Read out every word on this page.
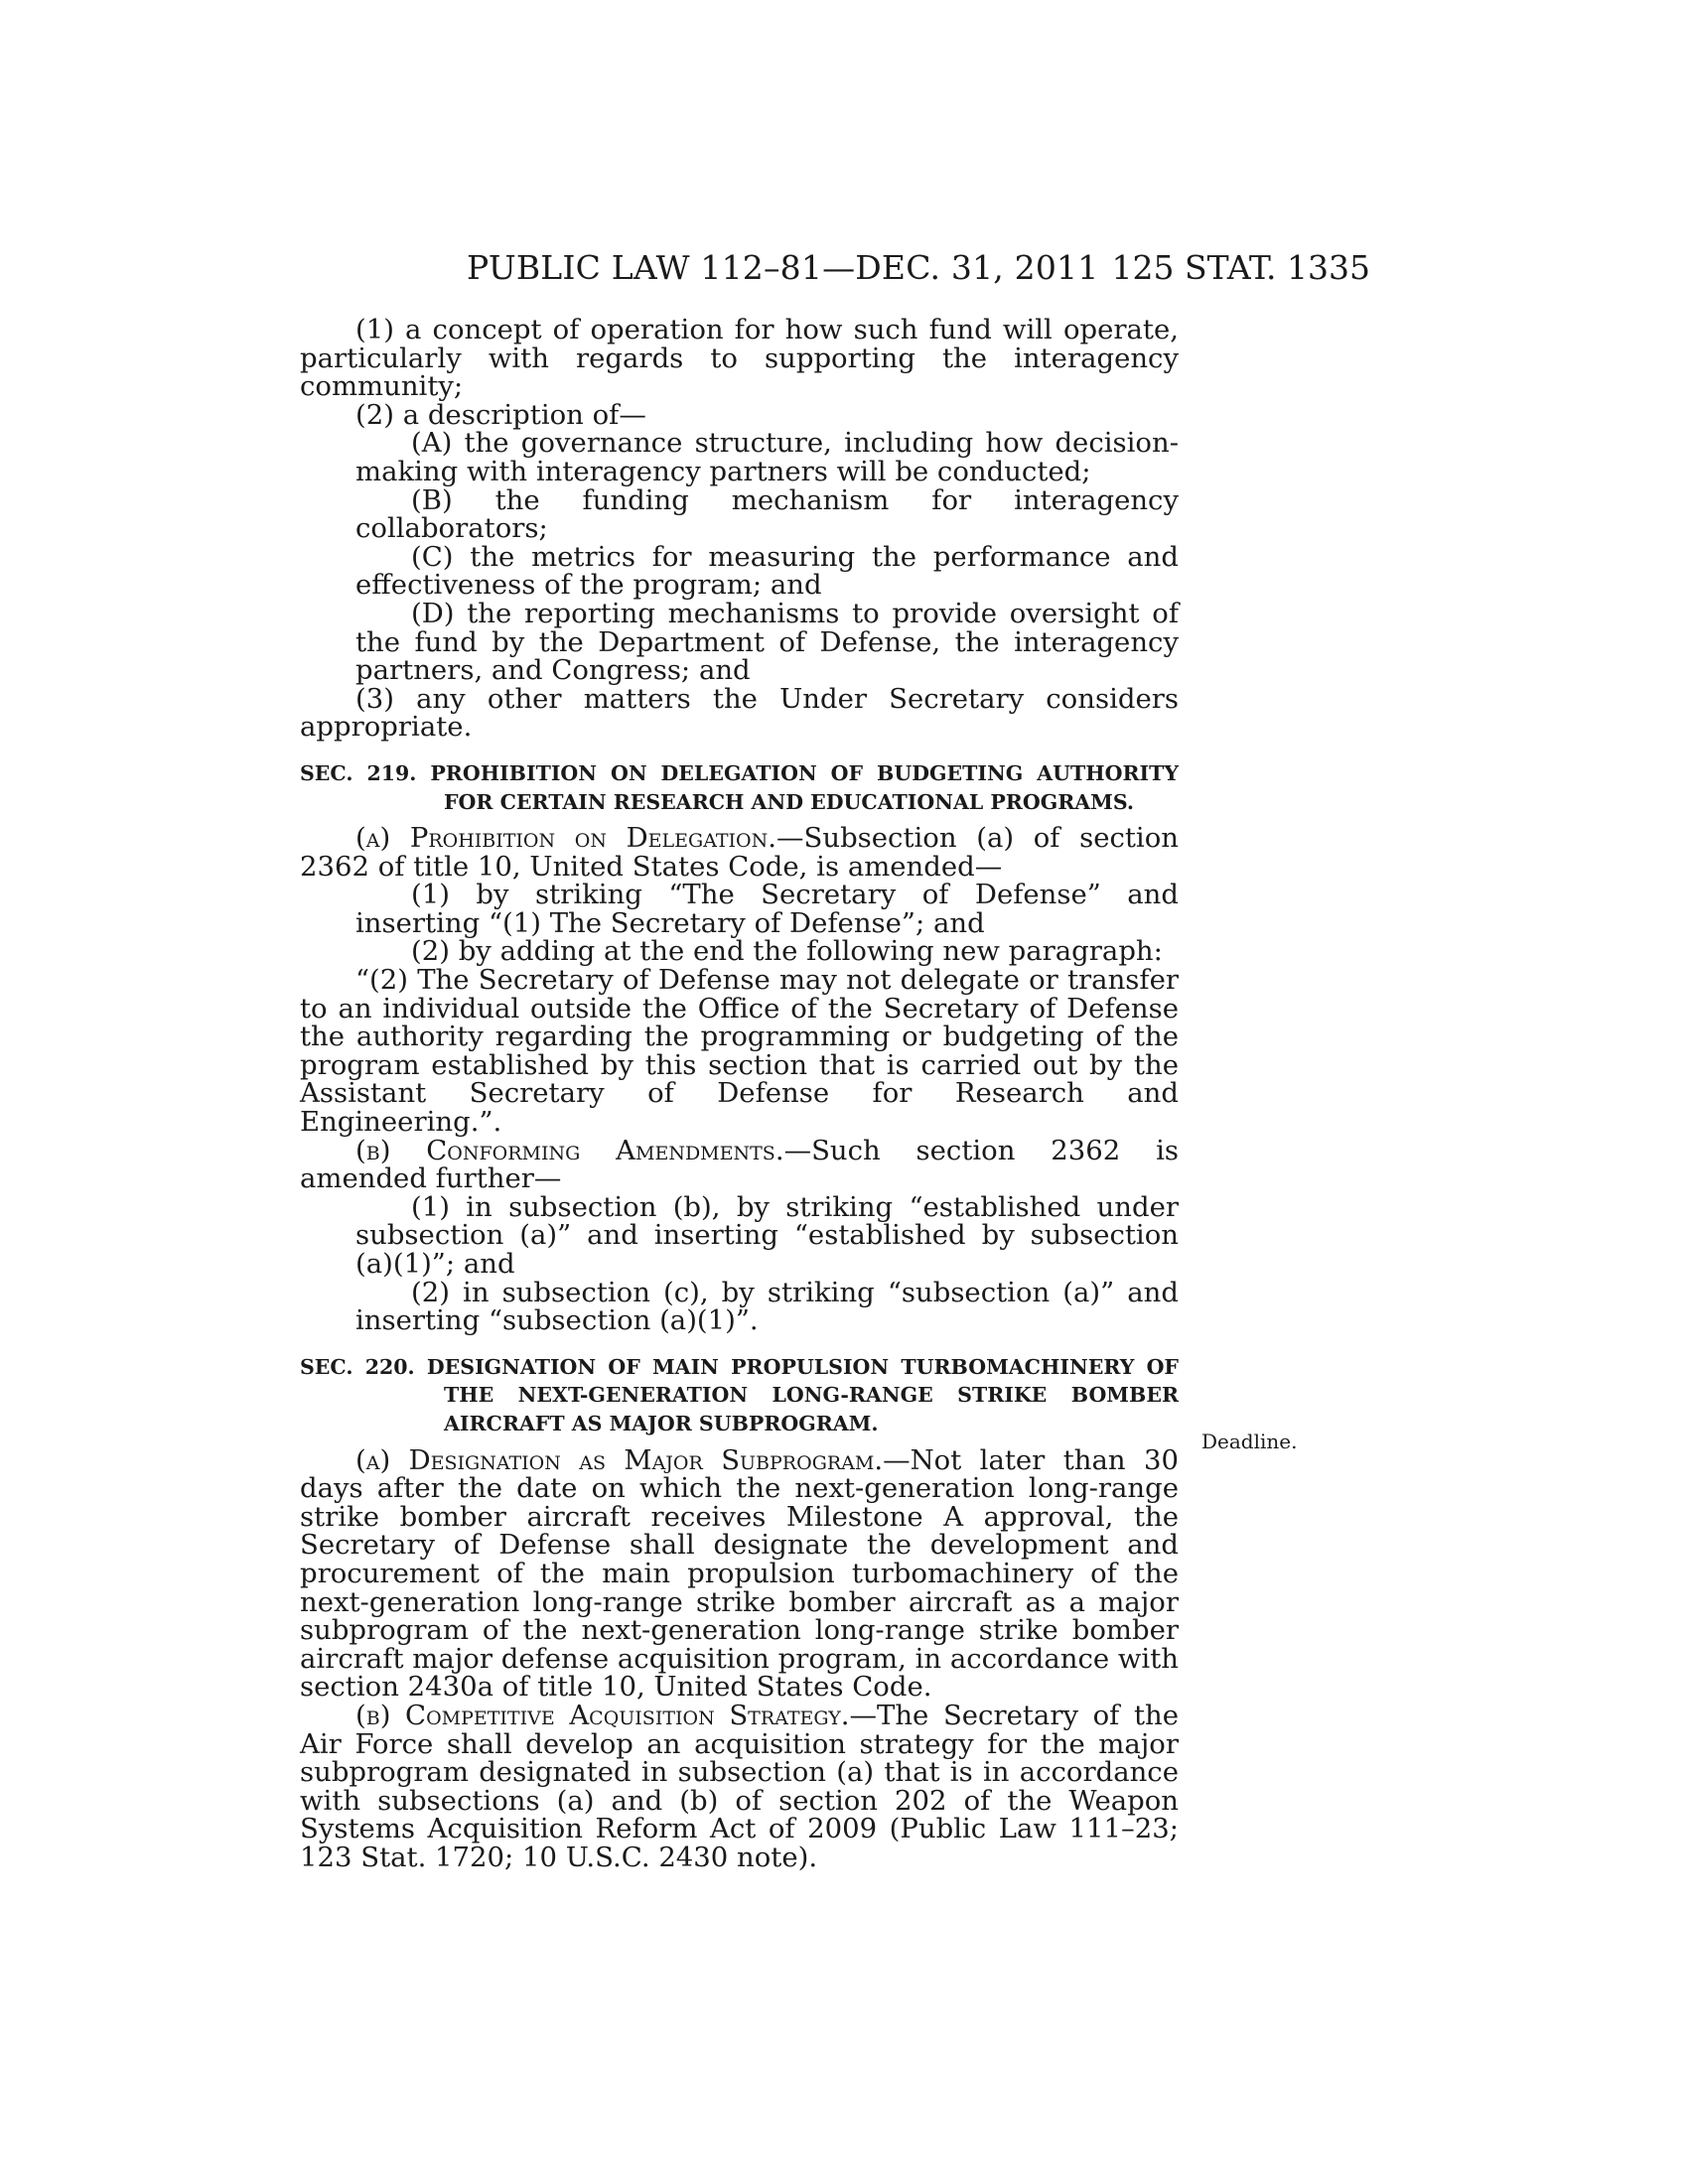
PUBLIC LAW 112–81—DEC. 31, 2011 125 STAT. 1335

(1) a concept of operation for how such fund will operate, particularly with regards to supporting the interagency community;

(2) a description of—

(A) the governance structure, including how decision-making with interagency partners will be conducted;

(B) the funding mechanism for interagency collaborators;

(C) the metrics for measuring the performance and effectiveness of the program; and

(D) the reporting mechanisms to provide oversight of the fund by the Department of Defense, the interagency partners, and Congress; and

(3) any other matters the Under Secretary considers appropriate.

SEC. 219. PROHIBITION ON DELEGATION OF BUDGETING AUTHORITY FOR CERTAIN RESEARCH AND EDUCATIONAL PROGRAMS.

(a) Prohibition on Delegation.—Subsection (a) of section 2362 of title 10, United States Code, is amended—

(1) by striking “The Secretary of Defense” and inserting “(1) The Secretary of Defense”; and

(2) by adding at the end the following new paragraph:

“(2) The Secretary of Defense may not delegate or transfer to an individual outside the Office of the Secretary of Defense the authority regarding the programming or budgeting of the program established by this section that is carried out by the Assistant Secretary of Defense for Research and Engineering.”.

(b) Conforming Amendments.—Such section 2362 is amended further—

(1) in subsection (b), by striking “established under subsection (a)” and inserting “established by subsection (a)(1)”; and

(2) in subsection (c), by striking “subsection (a)” and inserting “subsection (a)(1)”.

SEC. 220. DESIGNATION OF MAIN PROPULSION TURBOMACHINERY OF THE NEXT-GENERATION LONG-RANGE STRIKE BOMBER AIRCRAFT AS MAJOR SUBPROGRAM.

(a) Designation as Major Subprogram.—Not later than 30 days after the date on which the next-generation long-range strike bomber aircraft receives Milestone A approval, the Secretary of Defense shall designate the development and procurement of the main propulsion turbomachinery of the next-generation long-range strike bomber aircraft as a major subprogram of the next-generation long-range strike bomber aircraft major defense acquisition program, in accordance with section 2430a of title 10, United States Code.

(b) Competitive Acquisition Strategy.—The Secretary of the Air Force shall develop an acquisition strategy for the major subprogram designated in subsection (a) that is in accordance with subsections (a) and (b) of section 202 of the Weapon Systems Acquisition Reform Act of 2009 (Public Law 111–23; 123 Stat. 1720; 10 U.S.C. 2430 note).

Deadline.
